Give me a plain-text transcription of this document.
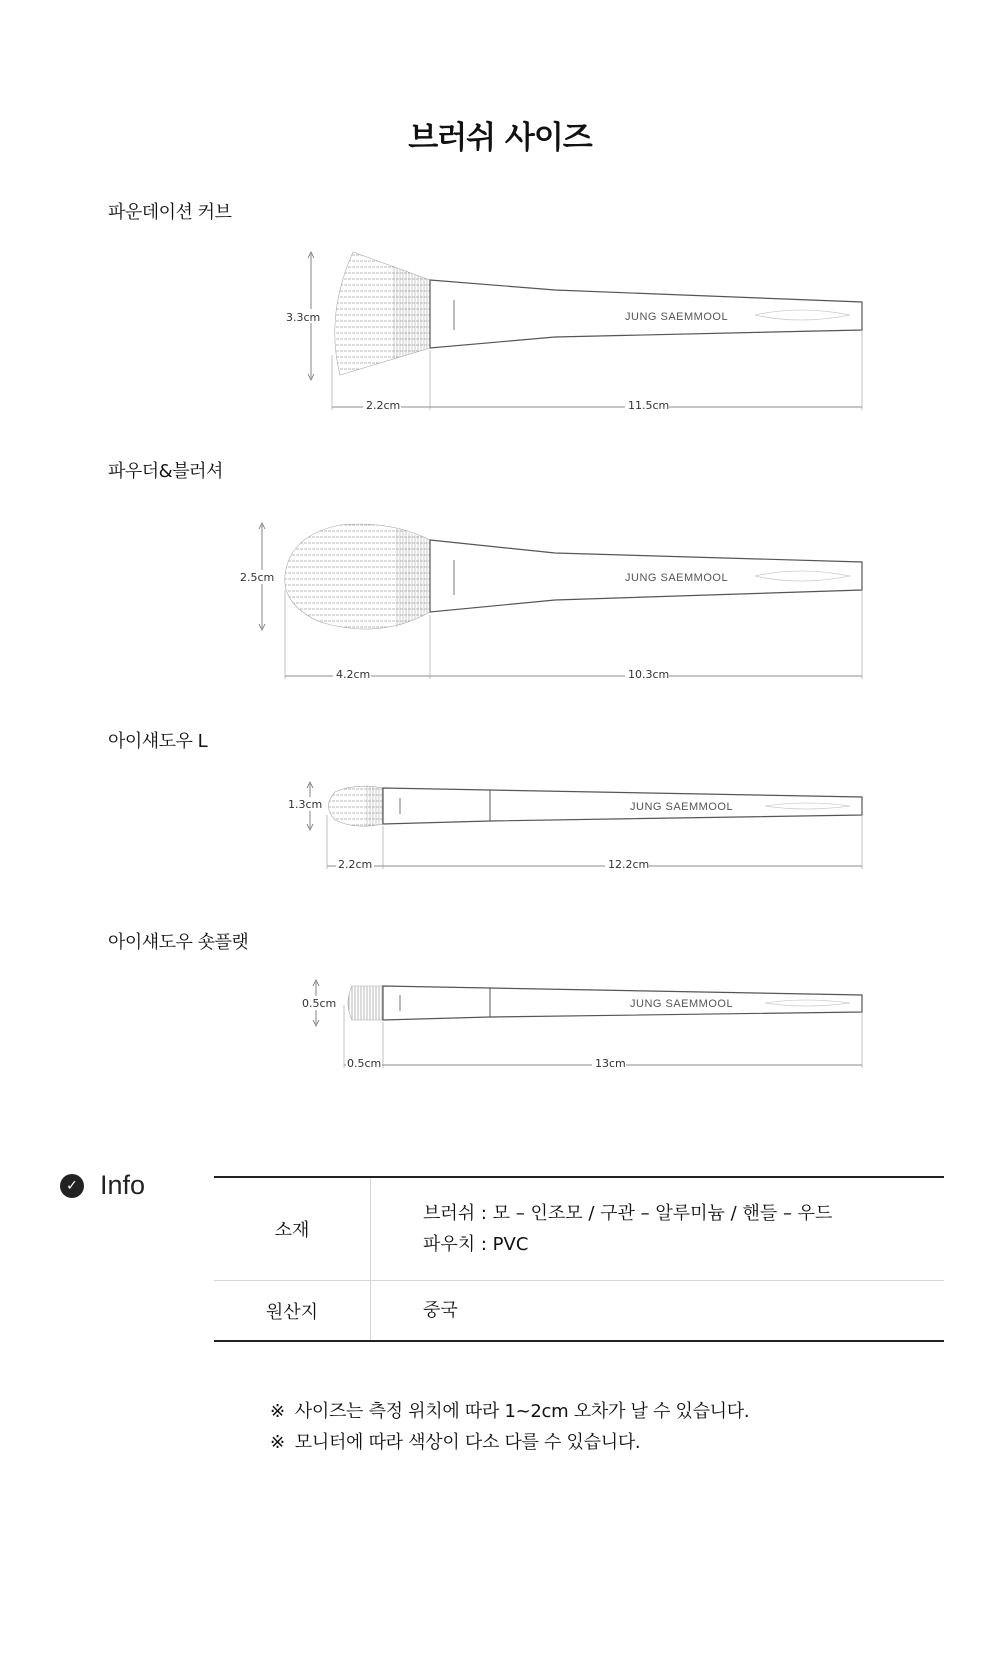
브러쉬 사이즈
파운데이션 커브
파우더&블러셔
아이섀도우 L
아이섀도우 숏플랫
JUNG SAEMMOOL
3.3cm
2.2cm	11.5cm
JUNG SAEMMOOL
2.5cm
4.2cm	10.3cm
JUNG SAEMMOOL
1.3cm
2.2cm	12.2cm
JUNG SAEMMOOL
0.5cm
0.5cm	13cm
✓ Info
소재	브러쉬 : 모 – 인조모 / 구관 – 알루미늄 / 핸들 – 우드
파우치 : PVC

원산지	중국
※ 사이즈는 측정 위치에 따라 1~2cm 오차가 날 수 있습니다.
※ 모니터에 따라 색상이 다소 다를 수 있습니다.
